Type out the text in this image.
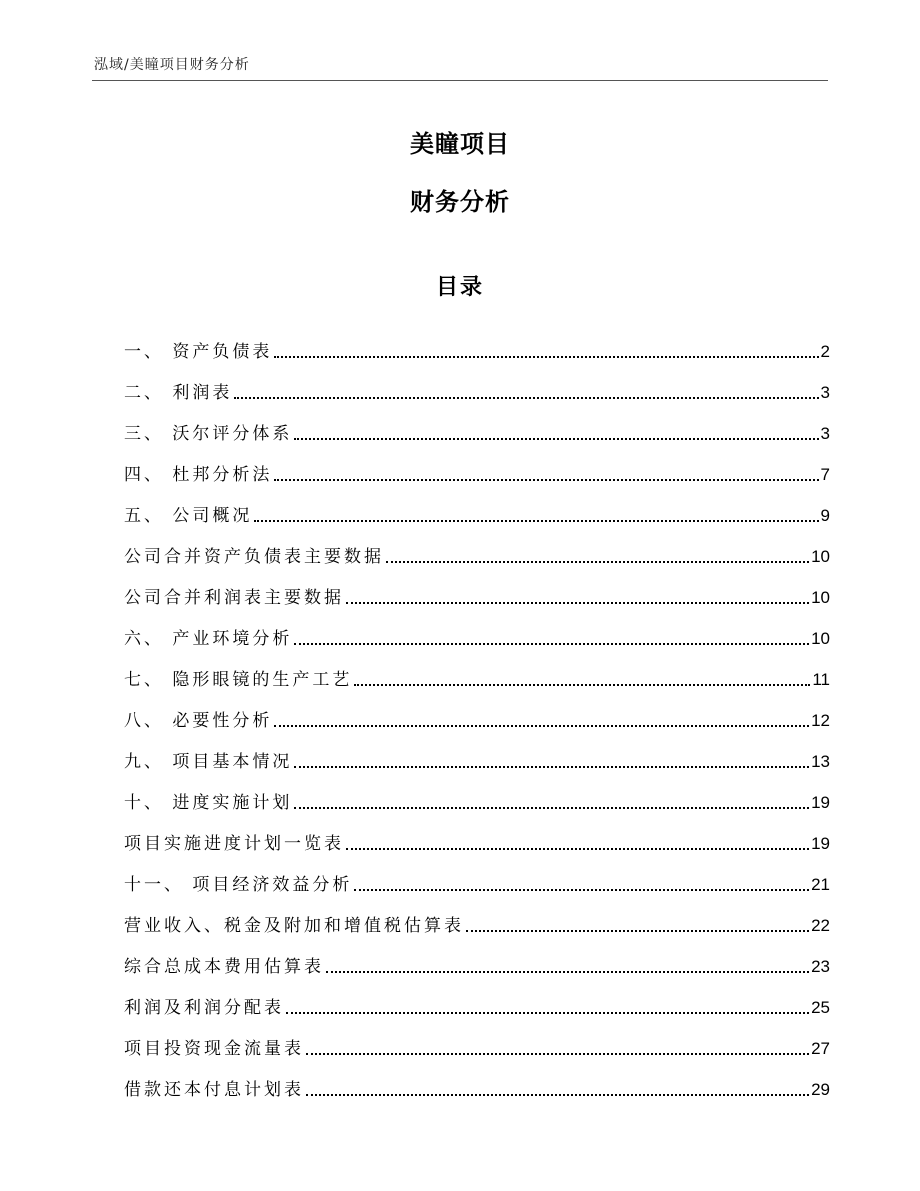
泓域/美瞳项目财务分析
美瞳项目
财务分析
目录
一、 资产负债表	2
二、 利润表	3
三、 沃尔评分体系	3
四、 杜邦分析法	7
五、 公司概况	9
公司合并资产负债表主要数据	10
公司合并利润表主要数据	10
六、 产业环境分析	10
七、 隐形眼镜的生产工艺	11
八、 必要性分析	12
九、 项目基本情况	13
十、 进度实施计划	19
项目实施进度计划一览表	19
十一、 项目经济效益分析	21
营业收入、税金及附加和增值税估算表	22
综合总成本费用估算表	23
利润及利润分配表	25
项目投资现金流量表	27
借款还本付息计划表	29
